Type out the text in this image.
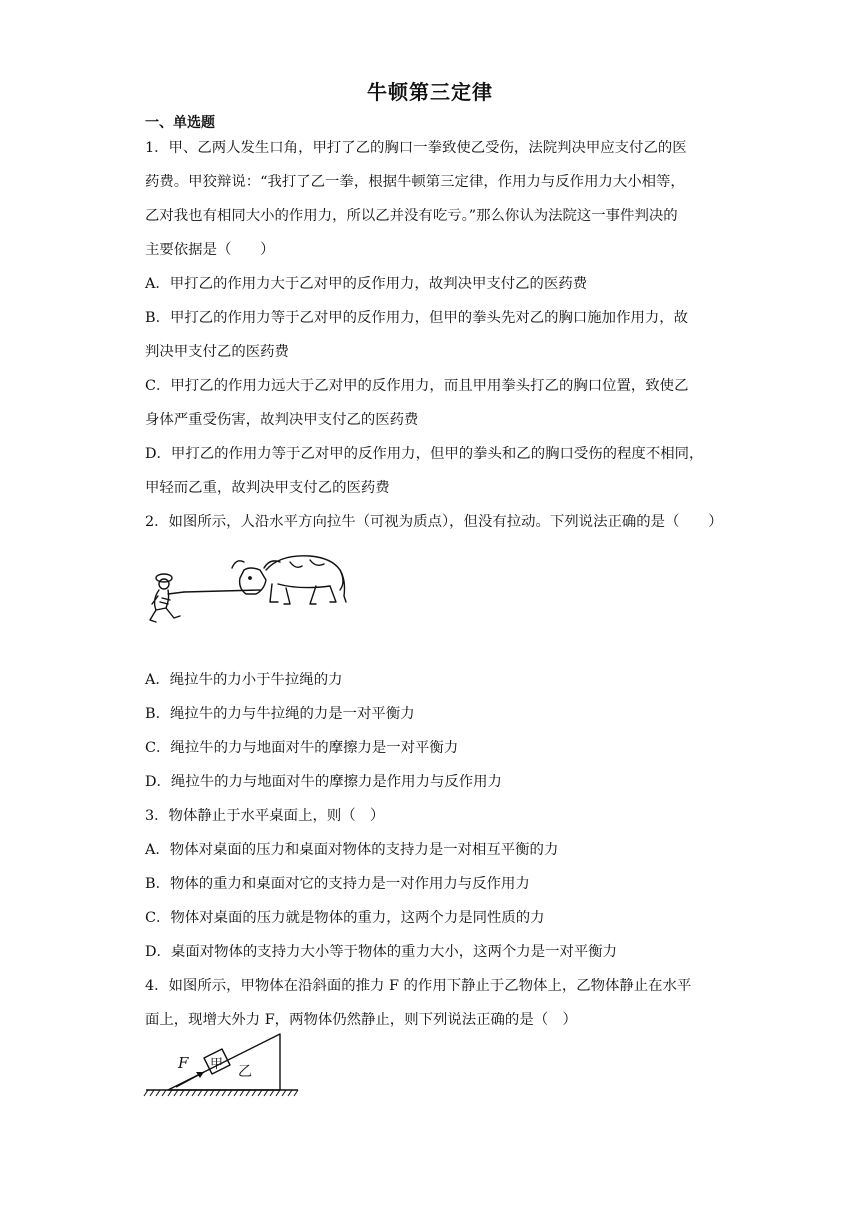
牛顿第三定律
一、单选题
1．甲、乙两人发生口角，甲打了乙的胸口一拳致使乙受伤，法院判决甲应支付乙的医
药费。甲狡辩说：“我打了乙一拳，根据牛顿第三定律，作用力与反作用力大小相等，
乙对我也有相同大小的作用力，所以乙并没有吃亏。”那么你认为法院这一事件判决的
主要依据是（　　）
A．甲打乙的作用力大于乙对甲的反作用力，故判决甲支付乙的医药费
B．甲打乙的作用力等于乙对甲的反作用力，但甲的拳头先对乙的胸口施加作用力，故
判决甲支付乙的医药费
C．甲打乙的作用力远大于乙对甲的反作用力，而且甲用拳头打乙的胸口位置，致使乙
身体严重受伤害，故判决甲支付乙的医药费
D．甲打乙的作用力等于乙对甲的反作用力，但甲的拳头和乙的胸口受伤的程度不相同，
甲轻而乙重，故判决甲支付乙的医药费
2．如图所示，人沿水平方向拉牛（可视为质点），但没有拉动。下列说法正确的是（　　）
A．绳拉牛的力小于牛拉绳的力
B．绳拉牛的力与牛拉绳的力是一对平衡力
C．绳拉牛的力与地面对牛的摩擦力是一对平衡力
D．绳拉牛的力与地面对牛的摩擦力是作用力与反作用力
3．物体静止于水平桌面上，则（　）
A．物体对桌面的压力和桌面对物体的支持力是一对相互平衡的力
B．物体的重力和桌面对它的支持力是一对作用力与反作用力
C．物体对桌面的压力就是物体的重力，这两个力是同性质的力
D．桌面对物体的支持力大小等于物体的重力大小，这两个力是一对平衡力
4．如图所示，甲物体在沿斜面的推力 F 的作用下静止于乙物体上，乙物体静止在水平
面上，现增大外力 F，两物体仍然静止，则下列说法正确的是（　）
F 甲 乙
